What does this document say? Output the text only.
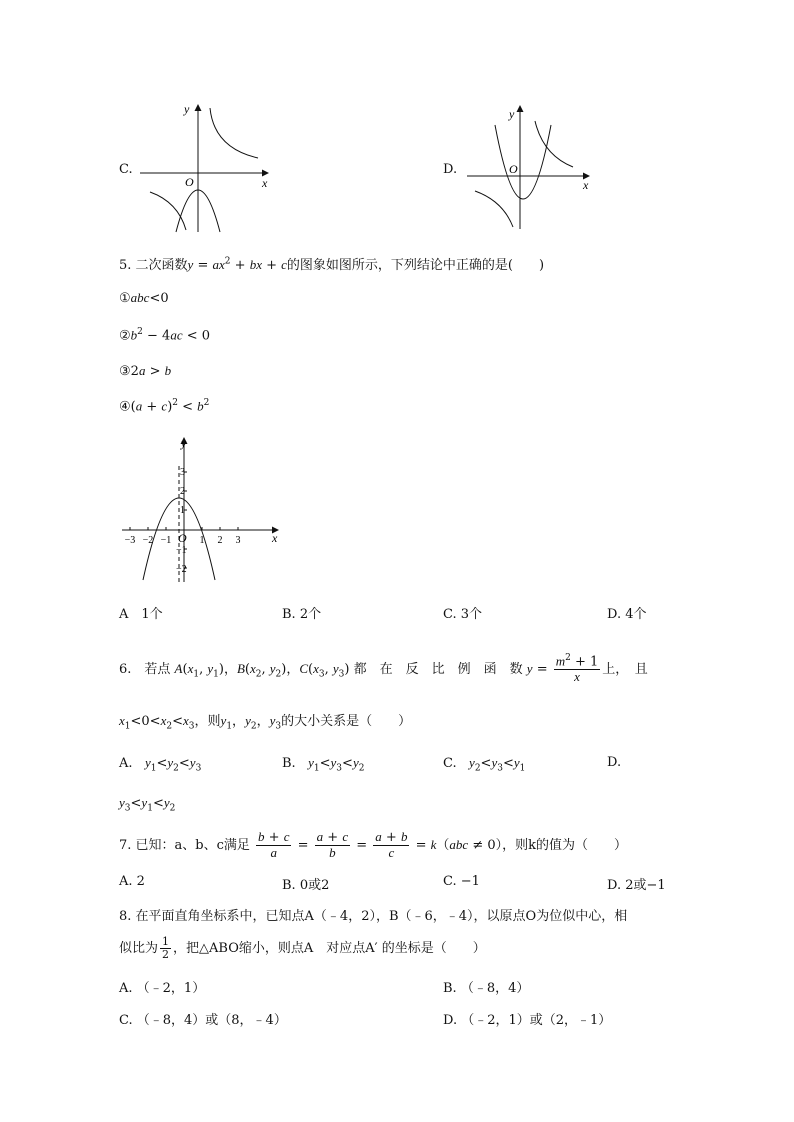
C.
x
y
O
D.
x
y
O
5. 二次函数$y = ax^2$ + bx + c的图象如图所示，下列结论中正确的是(　　)
①abc<0
$②b^2 - 4ac < 0$
③2a > b
④(a + $c)^2 < b^2$
−3 −2 −1	1 2 3
3
2
1
−1
−2
x
y
O
A　1个	B. 2个	C. 3个	D. 4个
6.　若点 $A(x_1$, $y_1$)，$B(x_2$, $y_2$)，$C(x_3$, $y_3$) 都　在　反　比　例　函　数 $y = \frac{m^2 + 1}{x}$ 上，　且
$x_1<0<x_2<x_3$，则$y_1$，$y_2$，$y_3$的大小关系是（　　）
A. $y_1<y_2<y_3$	B. $y_1<y_3<y_2$	C. $y_2<y_3<y_1$	D.
$y_3<y_1<y_2$
7. 已知：a、b、c满足 $\frac{b + c}{a} = \frac{a + c}{b} = \frac{a + b}{c} = k(abc \ne 0)$，则k的值为（　　）
A. 2	B. 0或2	C. −1	D. 2或−1
8. 在平面直角坐标系中，已知点A（﹣4，2），B（﹣6，﹣4），以原点O为位似中心，相
似比为 $\frac{1}{2}$ ，把△ABO缩小，则点A　对应点A′ 的坐标是（　　）
A. （﹣2，1）	B. （﹣8，4）
C. （﹣8，4）或（8，﹣4）	D. （﹣2，1）或（2，﹣1）
